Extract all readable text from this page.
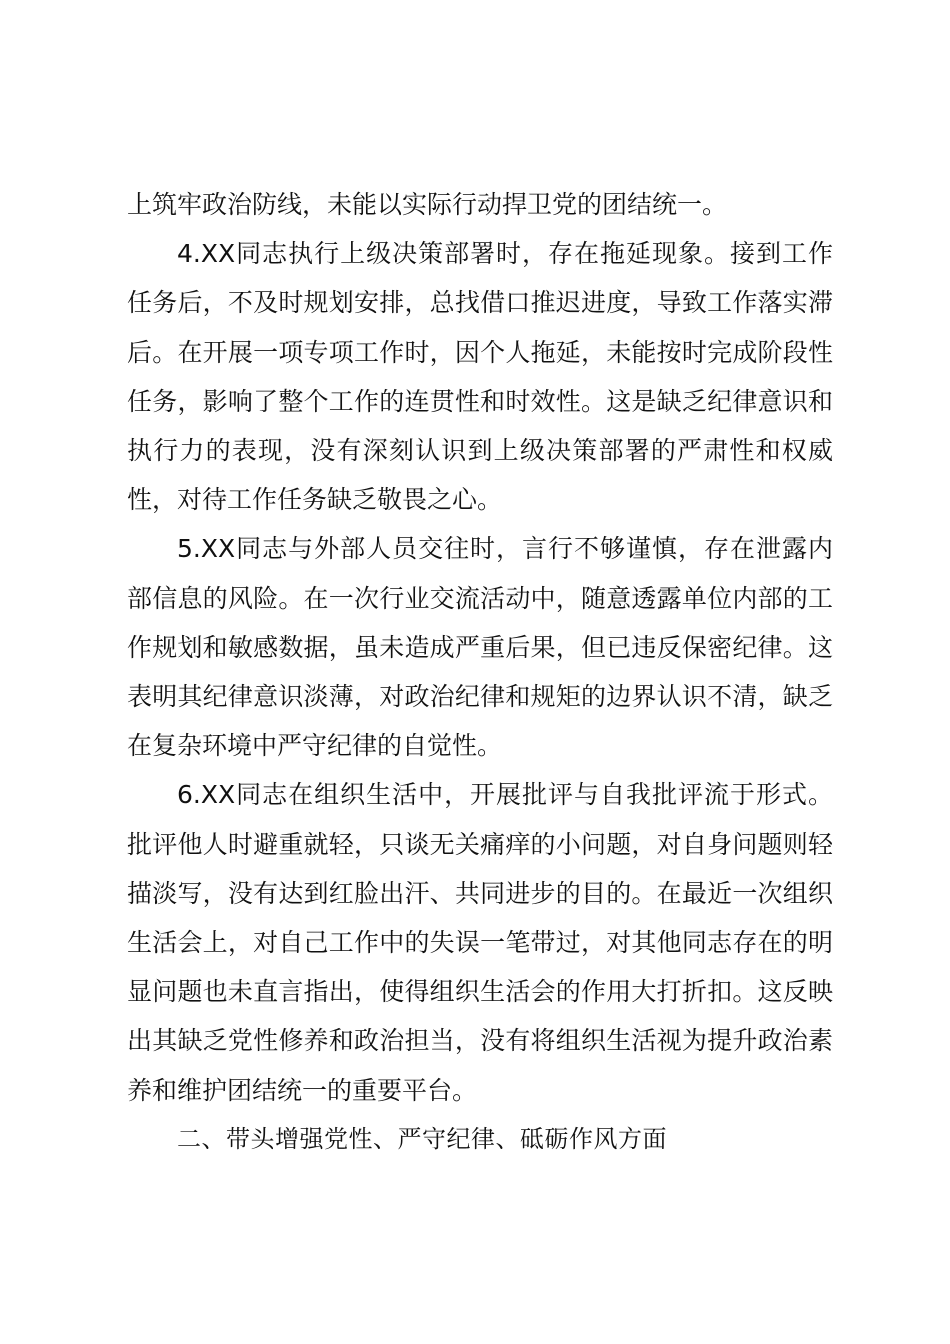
上筑牢政治防线，未能以实际行动捍卫党的团结统一。

4.XX同志执行上级决策部署时，存在拖延现象。接到工作任务后，不及时规划安排，总找借口推迟进度，导致工作落实滞后。在开展一项专项工作时，因个人拖延，未能按时完成阶段性任务，影响了整个工作的连贯性和时效性。这是缺乏纪律意识和执行力的表现，没有深刻认识到上级决策部署的严肃性和权威性，对待工作任务缺乏敬畏之心。

5.XX同志与外部人员交往时，言行不够谨慎，存在泄露内部信息的风险。在一次行业交流活动中，随意透露单位内部的工作规划和敏感数据，虽未造成严重后果，但已违反保密纪律。这表明其纪律意识淡薄，对政治纪律和规矩的边界认识不清，缺乏在复杂环境中严守纪律的自觉性。

6.XX同志在组织生活中，开展批评与自我批评流于形式。批评他人时避重就轻，只谈无关痛痒的小问题，对自身问题则轻描淡写，没有达到红脸出汗、共同进步的目的。在最近一次组织生活会上，对自己工作中的失误一笔带过，对其他同志存在的明显问题也未直言指出，使得组织生活会的作用大打折扣。这反映出其缺乏党性修养和政治担当，没有将组织生活视为提升政治素养和维护团结统一的重要平台。

二、带头增强党性、严守纪律、砥砺作风方面
